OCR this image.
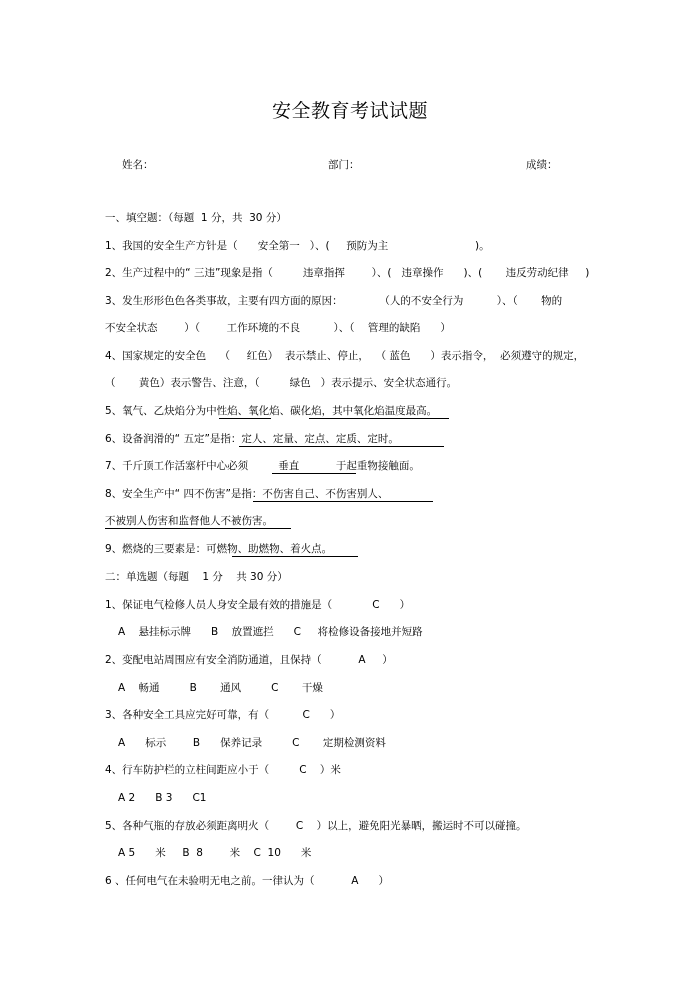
安全教育考试试题
姓名：	部门：	成绩：
一、填空题：（每题  1 分，共  30 分）
1、我国的安全生产方针是（      安全第一   ）、(     预防为主                          )。
2、生产过程中的“ 三违”现象是指（         违章指挥        ）、(   违章操作      )、(       违反劳动纪律     )
3、发生形形色色各类事故，主要有四方面的原因：           （人的不安全行为          ）、（       物的
不安全状态        ）（        工作环境的不良          ）、（    管理的缺陷      ）
4、国家规定的安全色    （     红色）  表示禁止、停止，  （ 蓝色      ）表示指令，  必须遵守的规定，
（       黄色）表示警告、注意，（         绿色   ）表示提示、安全状态通行。
5、氧气、乙炔焰分为中性焰、氧化焰、碳化焰，其中氧化焰温度最高。
6、设备润滑的“ 五定”是指：定人、定量、定点、定质、定时。
7、千斤顶工作活塞杆中心必须         垂直           于起重物接触面。
8、安全生产中“ 四不伤害”是指：不伤害自己、不伤害别人、
不被别人伤害和监督他人不被伤害。
9、燃烧的三要素是：可燃物、助燃物、着火点。
二：单选题（每题    1 分    共 30 分）
1、保证电气检修人员人身安全最有效的措施是（            C      ）
A    悬挂标示牌      B    放置遮拦      C     将检修设备接地并短路
2、变配电站周围应有安全消防通道，且保持（           A     ）
A    畅通         B       通风         C       干燥
3、各种安全工具应完好可靠，有（          C      ）
A      标示        B      保养记录         C       定期检测资料
4、行车防护栏的立柱间距应小于（         C    ）米
A 2      B 3      C1
5、各种气瓶的存放必须距离明火（        C    ）以上，避免阳光暴晒，搬运时不可以碰撞。
A 5      米     B  8        米    C  10      米
6 、任何电气在未验明无电之前。一律认为（           A      ）
